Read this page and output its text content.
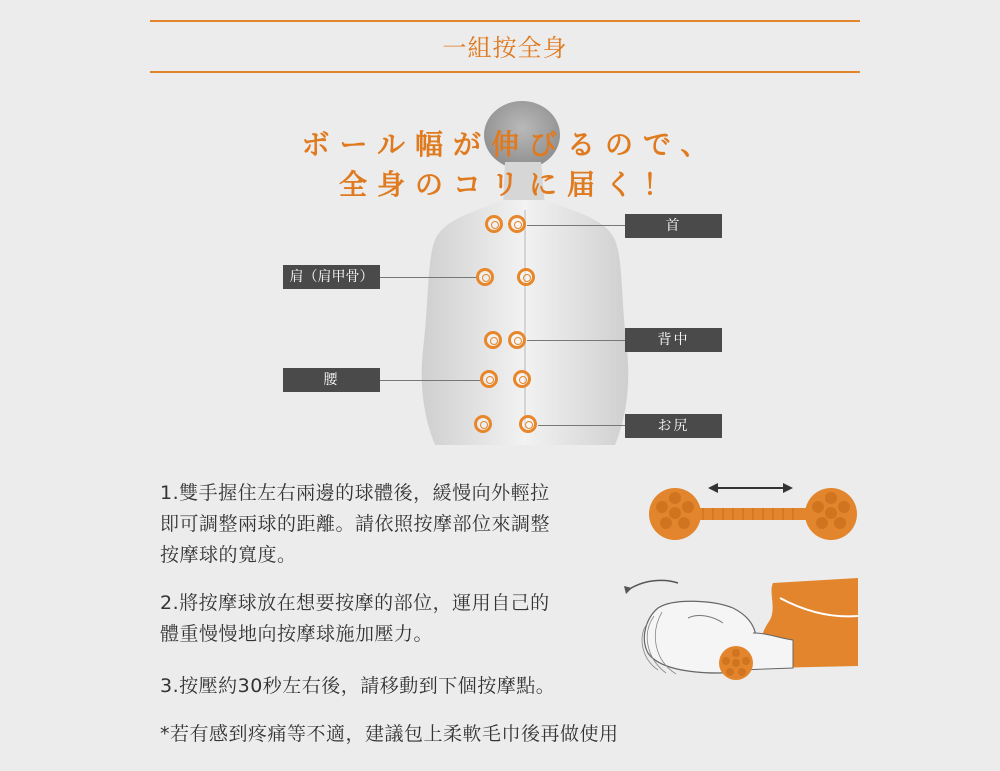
一組按全身
ボール幅が伸びるので、
全身のコリに届く！
首
肩（肩甲骨）
背中
腰
お尻
1.雙手握住左右兩邊的球體後，緩慢向外輕拉
即可調整兩球的距離。請依照按摩部位來調整
按摩球的寬度。
2.將按摩球放在想要按摩的部位，運用自己的
體重慢慢地向按摩球施加壓力。
3.按壓約30秒左右後，請移動到下個按摩點。
*若有感到疼痛等不適，建議包上柔軟毛巾後再做使用
